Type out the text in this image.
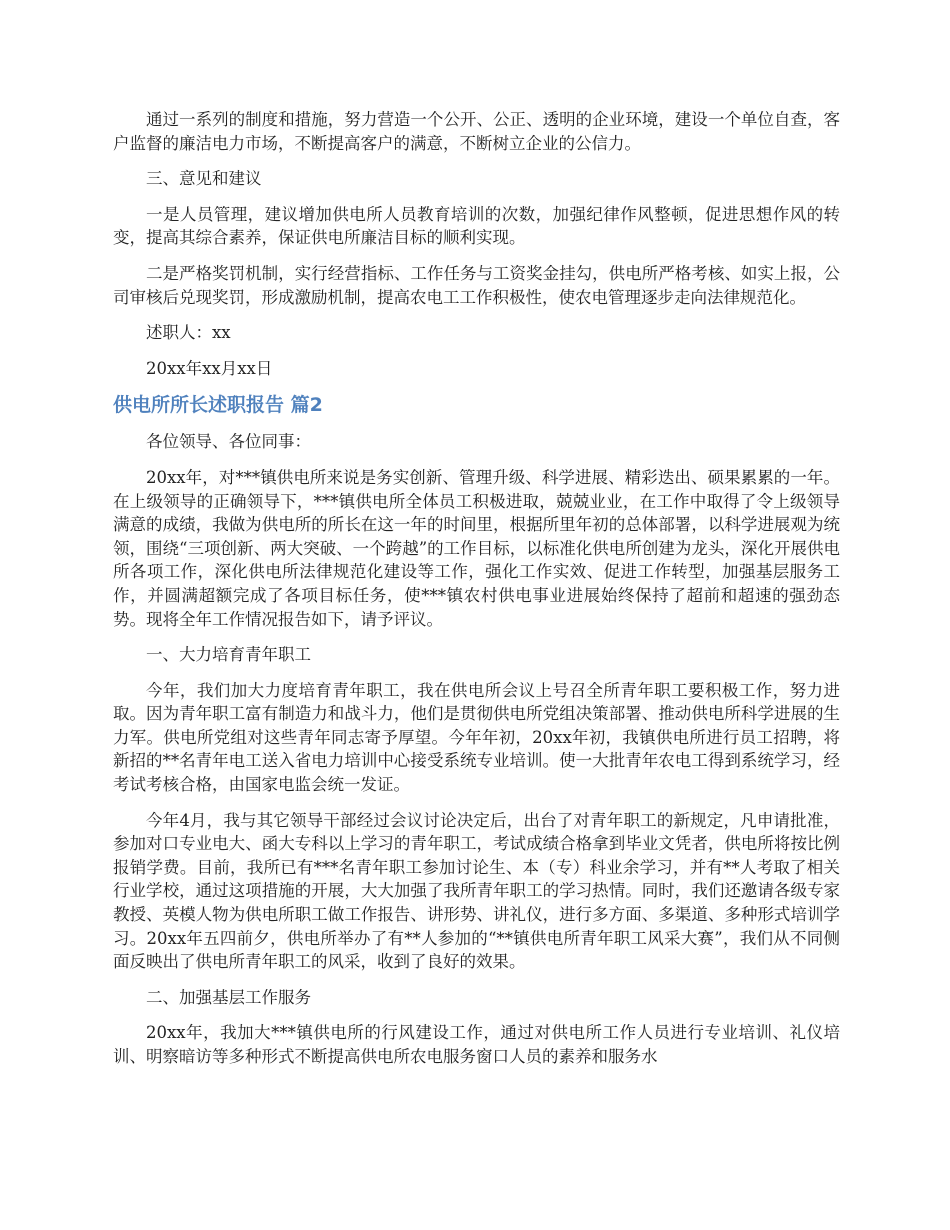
通过一系列的制度和措施，努力营造一个公开、公正、透明的企业环境，建设一个单位自查，客户监督的廉洁电力市场，不断提高客户的满意，不断树立企业的公信力。

三、意见和建议

一是人员管理，建议增加供电所人员教育培训的次数，加强纪律作风整顿，促进思想作风的转变，提高其综合素养，保证供电所廉洁目标的顺利实现。

二是严格奖罚机制，实行经营指标、工作任务与工资奖金挂勾，供电所严格考核、如实上报，公司审核后兑现奖罚，形成激励机制，提高农电工工作积极性，使农电管理逐步走向法律规范化。

述职人：xx

20xx年xx月xx日

供电所所长述职报告 篇2

各位领导、各位同事：

20xx年，对***镇供电所来说是务实创新、管理升级、科学进展、精彩迭出、硕果累累的一年。在上级领导的正确领导下，***镇供电所全体员工积极进取，兢兢业业，在工作中取得了令上级领导满意的成绩，我做为供电所的所长在这一年的时间里，根据所里年初的总体部署，以科学进展观为统领，围绕“三项创新、两大突破、一个跨越”的工作目标，以标准化供电所创建为龙头，深化开展供电所各项工作，深化供电所法律规范化建设等工作，强化工作实效、促进工作转型，加强基层服务工作，并圆满超额完成了各项目标任务，使***镇农村供电事业进展始终保持了超前和超速的强劲态势。现将全年工作情况报告如下，请予评议。

一、大力培育青年职工

今年，我们加大力度培育青年职工，我在供电所会议上号召全所青年职工要积极工作，努力进取。因为青年职工富有制造力和战斗力，他们是贯彻供电所党组决策部署、推动供电所科学进展的生力军。供电所党组对这些青年同志寄予厚望。今年年初，20xx年初，我镇供电所进行员工招聘，将新招的**名青年电工送入省电力培训中心接受系统专业培训。使一大批青年农电工得到系统学习，经考试考核合格，由国家电监会统一发证。

今年4月，我与其它领导干部经过会议讨论决定后，出台了对青年职工的新规定，凡申请批准，参加对口专业电大、函大专科以上学习的青年职工，考试成绩合格拿到毕业文凭者，供电所将按比例报销学费。目前，我所已有***名青年职工参加讨论生、本（专）科业余学习，并有**人考取了相关行业学校，通过这项措施的开展，大大加强了我所青年职工的学习热情。同时，我们还邀请各级专家教授、英模人物为供电所职工做工作报告、讲形势、讲礼仪，进行多方面、多渠道、多种形式培训学习。20xx年五四前夕，供电所举办了有**人参加的“**镇供电所青年职工风采大赛”，我们从不同侧面反映出了供电所青年职工的风采，收到了良好的效果。

二、加强基层工作服务

20xx年，我加大***镇供电所的行风建设工作，通过对供电所工作人员进行专业培训、礼仪培训、明察暗访等多种形式不断提高供电所农电服务窗口人员的素养和服务水
